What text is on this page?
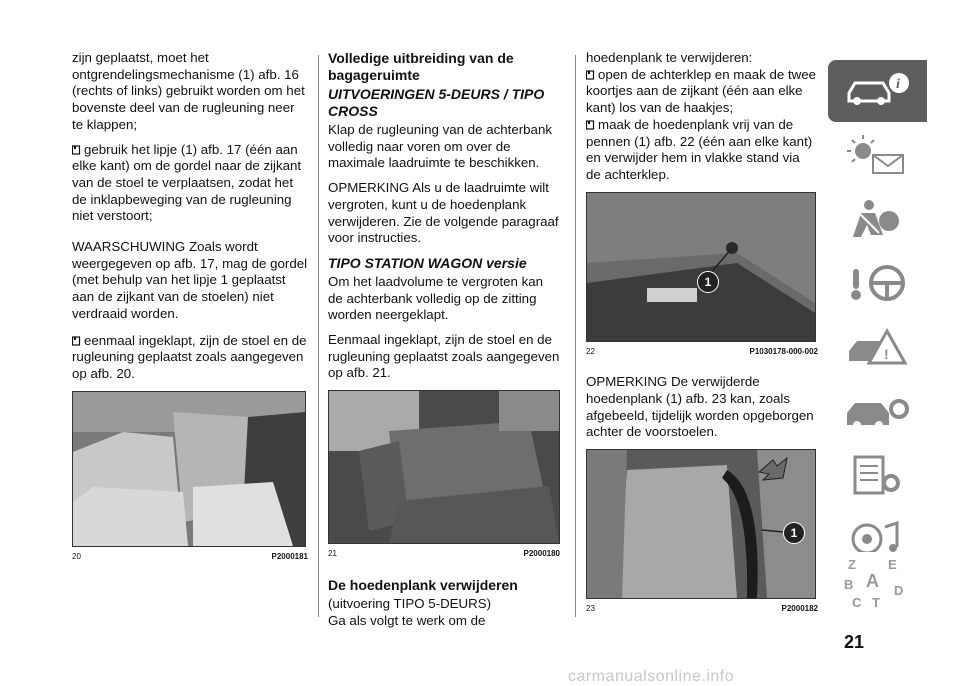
zijn geplaatst, moet het ontgrendelingsmechanisme (1) afb. 16 (rechts of links) gebruikt worden om het bovenste deel van de rugleuning neer te klappen;

gebruik het lipje (1) afb. 17 (één aan elke kant) om de gordel naar de zijkant van de stoel te verplaatsen, zodat het de inklapbeweging van de rugleuning niet verstoort;

WAARSCHUWING Zoals wordt weergegeven op afb. 17, mag de gordel (met behulp van het lipje 1 geplaatst aan de zijkant van de stoelen) niet verdraaid worden.

eenmaal ingeklapt, zijn de stoel en de rugleuning geplaatst zoals aangegeven op afb. 20.

20	P2000181
Volledige uitbreiding van de bagageruimte
UITVOERINGEN 5-DEURS / TIPO CROSS

Klap de rugleuning van de achterbank volledig naar voren om over de maximale laadruimte te beschikken.

OPMERKING Als u de laadruimte wilt vergroten, kunt u de hoedenplank verwijderen. Zie de volgende paragraaf voor instructies.

TIPO STATION WAGON versie

Om het laadvolume te vergroten kan de achterbank volledig op de zitting worden neergeklapt.

Eenmaal ingeklapt, zijn de stoel en de rugleuning geplaatst zoals aangegeven op afb. 21.

21	P2000180
De hoedenplank verwijderen

(uitvoering TIPO 5-DEURS)

Ga als volgt te werk om de

hoedenplank te verwijderen:

open de achterklep en maak de twee koortjes aan de zijkant (één aan elke kant) los van de haakjes;

maak de hoedenplank vrij van de pennen (1) afb. 22 (één aan elke kant) en verwijder hem in vlakke stand via de achterklep.

1
22	P1030178-000-002

OPMERKING De verwijderde hoedenplank (1) afb. 23 kan, zoals afgebeeld, tijdelijk worden opgeborgen achter de voorstoelen.

1
23	P2000182
i
!
Z E
B A
C T
D
21
carmanualsonline.info
